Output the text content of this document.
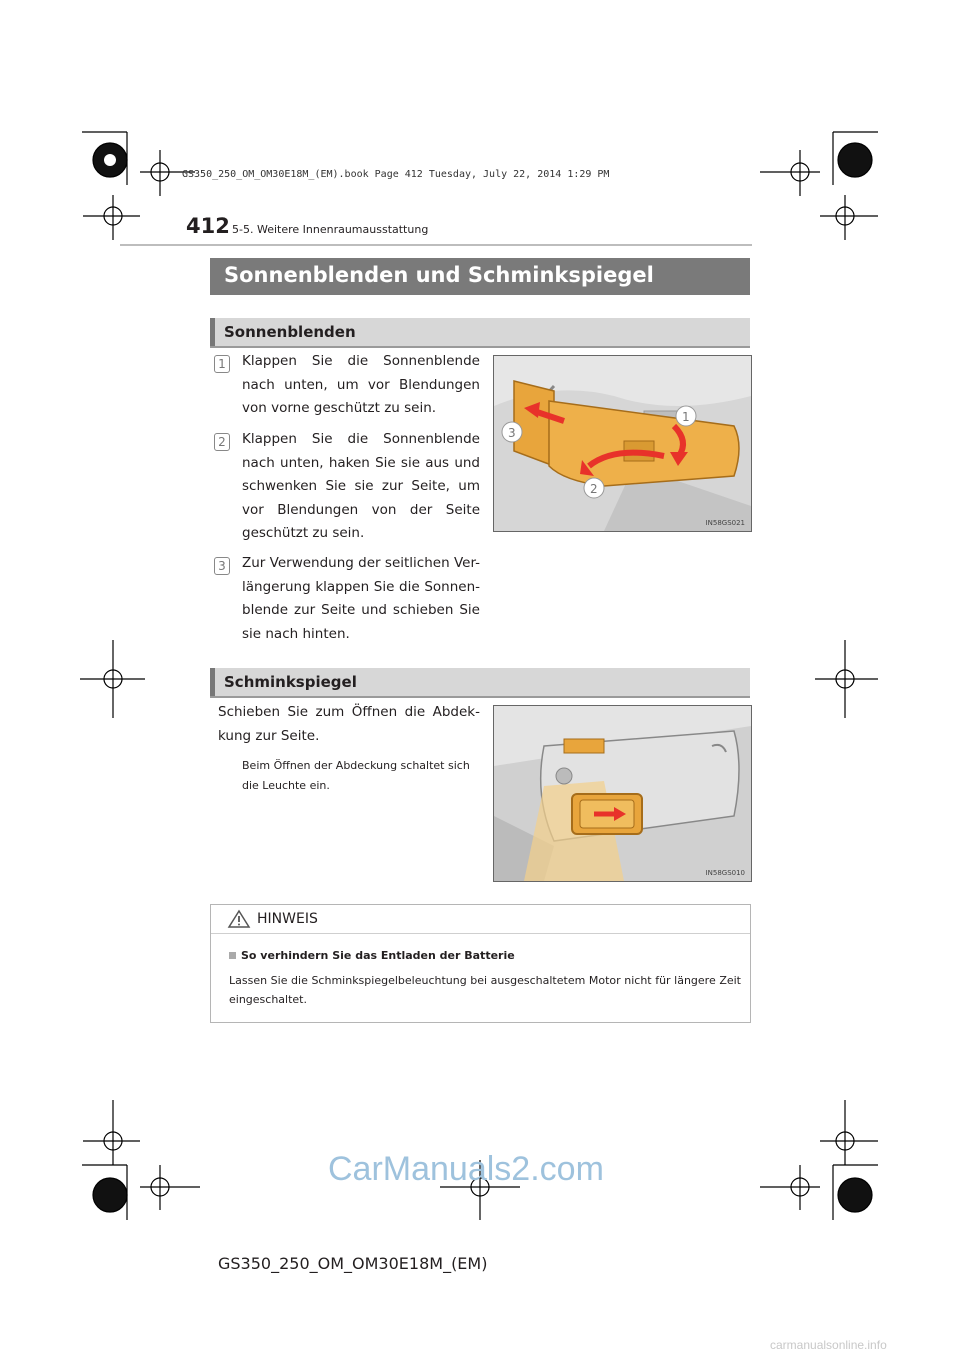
GS350_250_OM_OM30E18M_(EM).book Page 412 Tuesday, July 22, 2014 1:29 PM
412 5-5. Weitere Innenraumausstattung
Sonnenblenden und Schminkspiegel
Sonnenblenden
1	Klappen Sie die Sonnenblende nach unten, um vor Blendungen von vorne geschützt zu sein.
2	Klappen Sie die Sonnenblende nach unten, haken Sie sie aus und schwenken Sie sie zur Seite, um vor Blendungen von der Seite geschützt zu sein.
3	Zur Verwendung der seitlichen Ver-längerung klappen Sie die Sonnen-blende zur Seite und schieben Sie sie nach hinten.
1
2
3
IN58GS021
Schminkspiegel
Schieben Sie zum Öffnen die Abdek-kung zur Seite.
Beim Öffnen der Abdeckung schaltet sich die Leuchte ein.
IN58GS010
HINWEIS
So verhindern Sie das Entladen der Batterie
Lassen Sie die Schminkspiegelbeleuchtung bei ausgeschaltetem Motor nicht für längere Zeit eingeschaltet.
CarManuals2.com
GS350_250_OM_OM30E18M_(EM)
carmanualsonline.info
